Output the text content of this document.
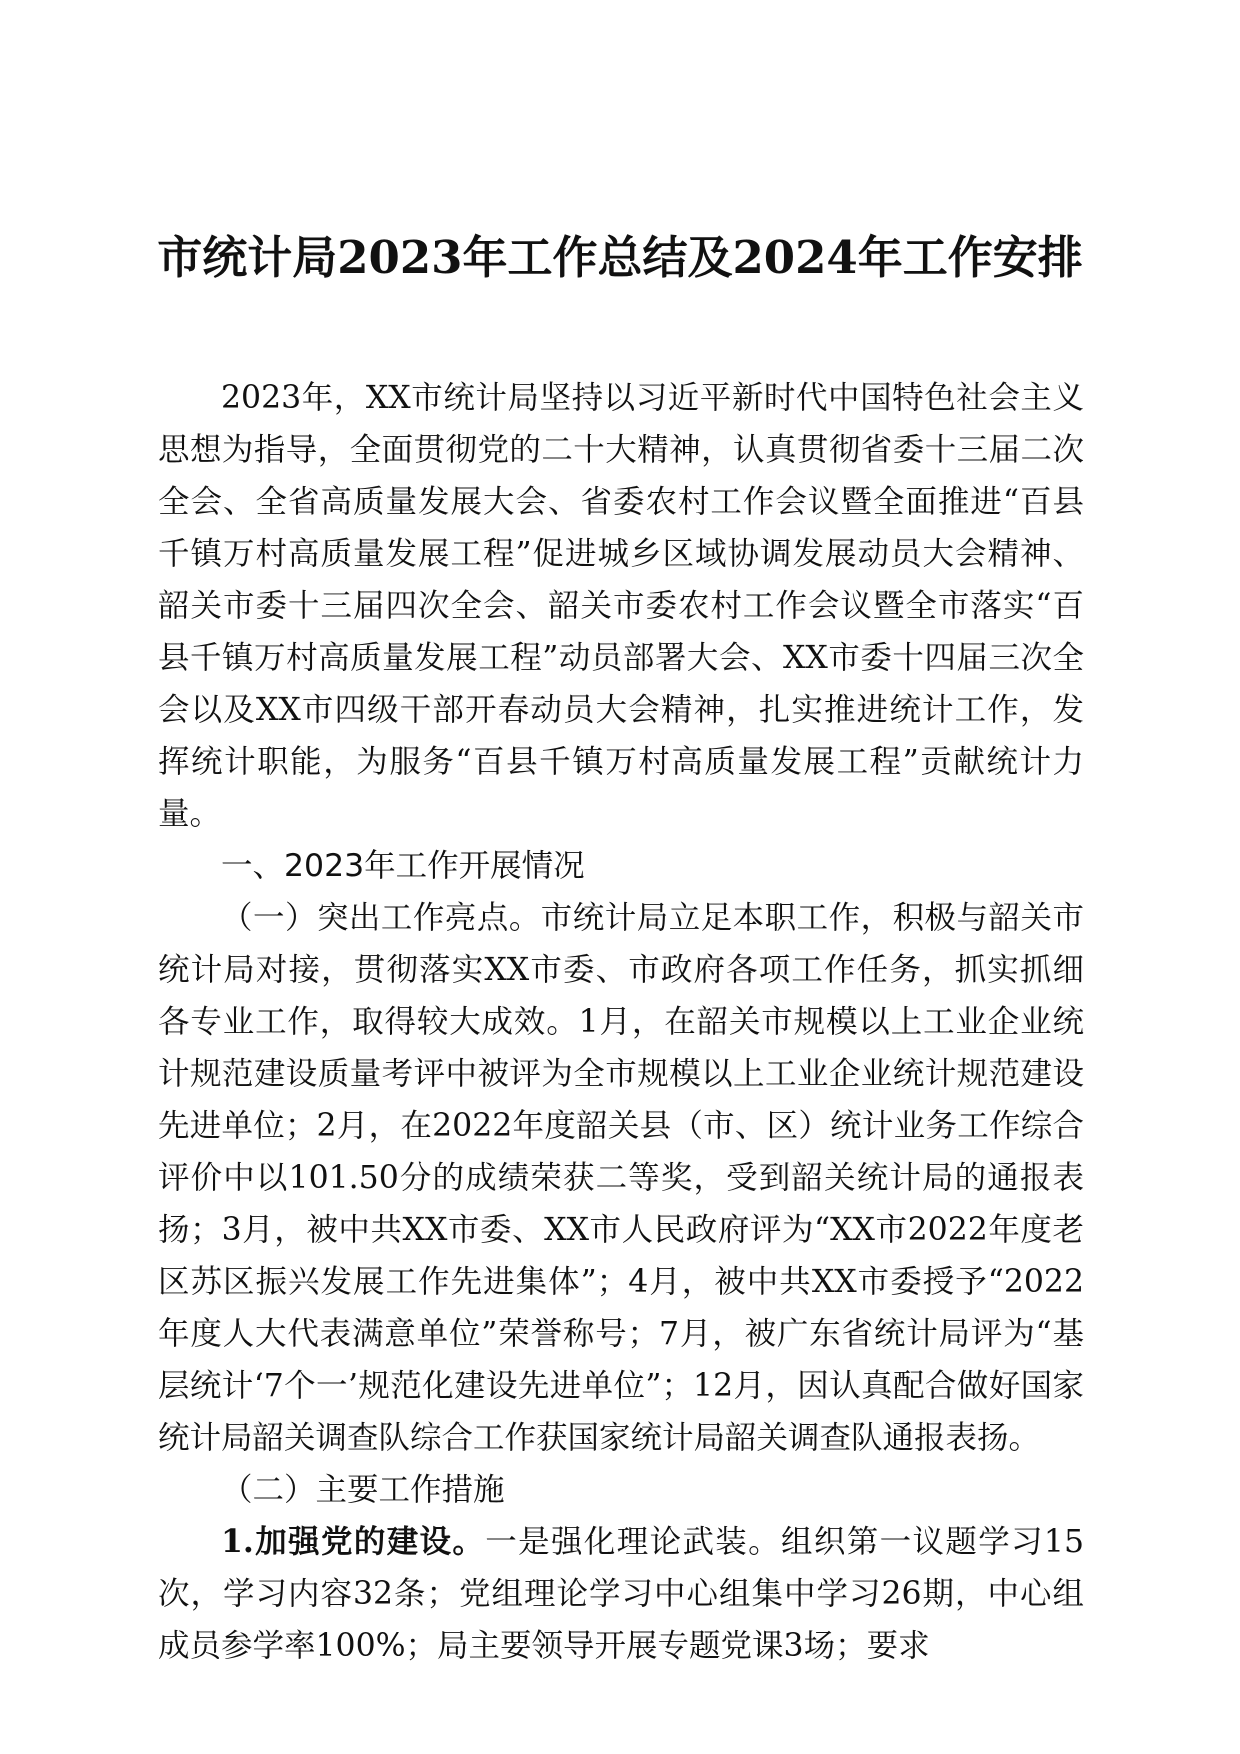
市统计局2023年工作总结及2024年工作安排

2023年，XX市统计局坚持以习近平新时代中国特色社会主义思想为指导，全面贯彻党的二十大精神，认真贯彻省委十三届二次全会、全省高质量发展大会、省委农村工作会议暨全面推进“百县千镇万村高质量发展工程”促进城乡区域协调发展动员大会精神、韶关市委十三届四次全会、韶关市委农村工作会议暨全市落实“百县千镇万村高质量发展工程”动员部署大会、XX市委十四届三次全会以及XX市四级干部开春动员大会精神，扎实推进统计工作，发挥统计职能，为服务“百县千镇万村高质量发展工程”贡献统计力量。

一、2023年工作开展情况

（一）突出工作亮点。市统计局立足本职工作，积极与韶关市统计局对接，贯彻落实XX市委、市政府各项工作任务，抓实抓细各专业工作，取得较大成效。1月，在韶关市规模以上工业企业统计规范建设质量考评中被评为全市规模以上工业企业统计规范建设先进单位；2月，在2022年度韶关县（市、区）统计业务工作综合评价中以101.50分的成绩荣获二等奖，受到韶关统计局的通报表扬；3月，被中共XX市委、XX市人民政府评为“XX市2022年度老区苏区振兴发展工作先进集体”；4月，被中共XX市委授予“2022年度人大代表满意单位”荣誉称号；7月，被广东省统计局评为“基层统计‘7个一’规范化建设先进单位”；12月，因认真配合做好国家统计局韶关调查队综合工作获国家统计局韶关调查队通报表扬。

（二）主要工作措施

1.加强党的建设。一是强化理论武装。组织第一议题学习15次，学习内容32条；党组理论学习中心组集中学习26期，中心组成员参学率100%；局主要领导开展专题党课3场；要求
